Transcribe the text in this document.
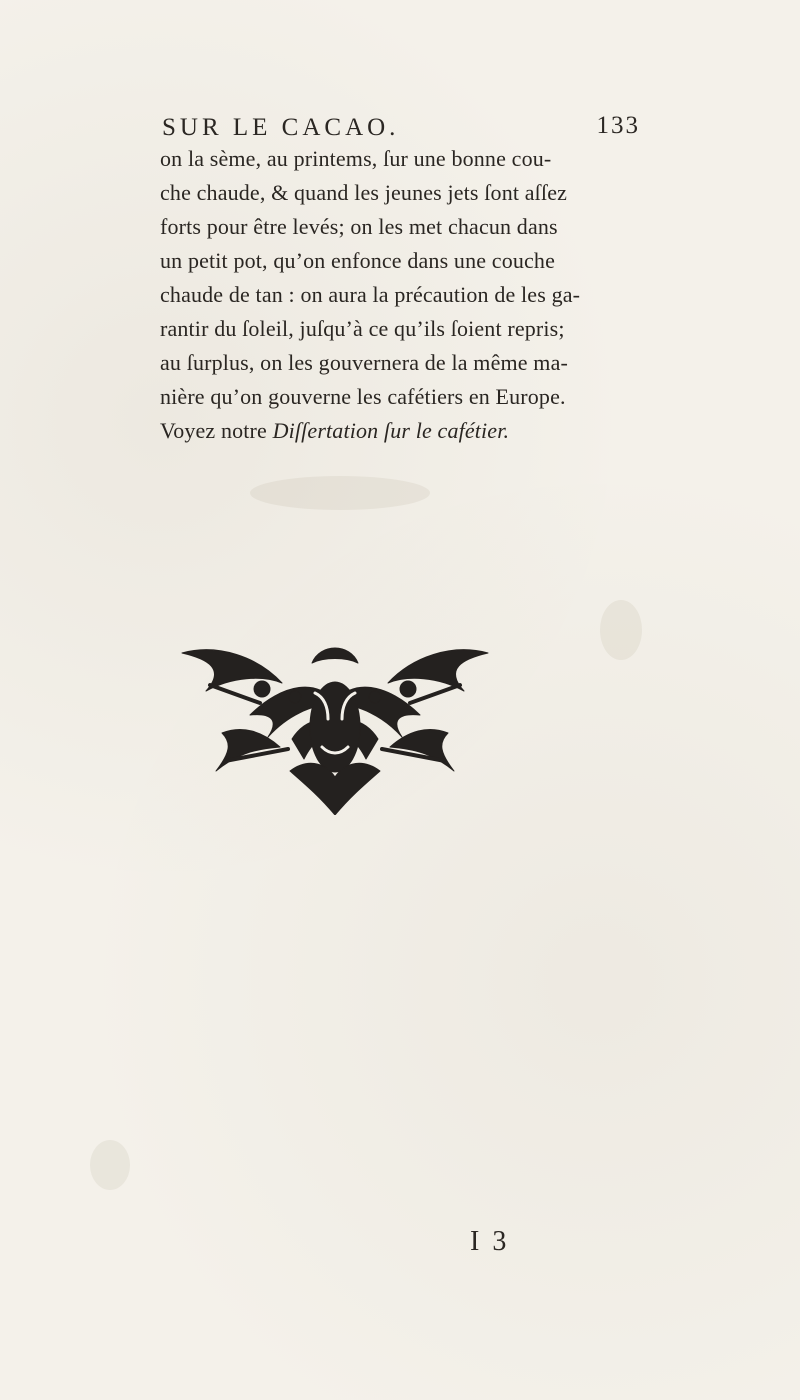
SUR LE CACAO.	133
on la sème, au printems, ſur une bonne cou-
che chaude, & quand les jeunes jets ſont aſſez
forts pour être levés; on les met chacun dans
un petit pot, qu’on enfonce dans une couche
chaude de tan : on aura la précaution de les ga-
rantir du ſoleil, juſqu’à ce qu’ils ſoient repris;
au ſurplus, on les gouvernera de la même ma-
nière qu’on gouverne les cafétiers en Europe.
Voyez notre Diſſertation ſur le cafétier.
I 3
